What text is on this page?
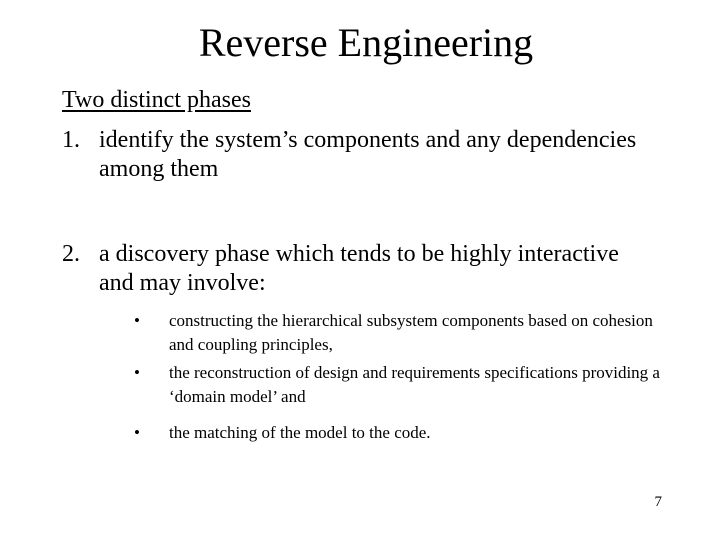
Reverse Engineering
Two distinct phases
1. identify the system’s components and any dependencies among them
2. a discovery phase which tends to be highly interactive and may involve:
• constructing the hierarchical subsystem components based on cohesion and coupling principles,
• the reconstruction of design and requirements specifications providing a ‘domain model’ and
• the matching of the model to the code.
7
